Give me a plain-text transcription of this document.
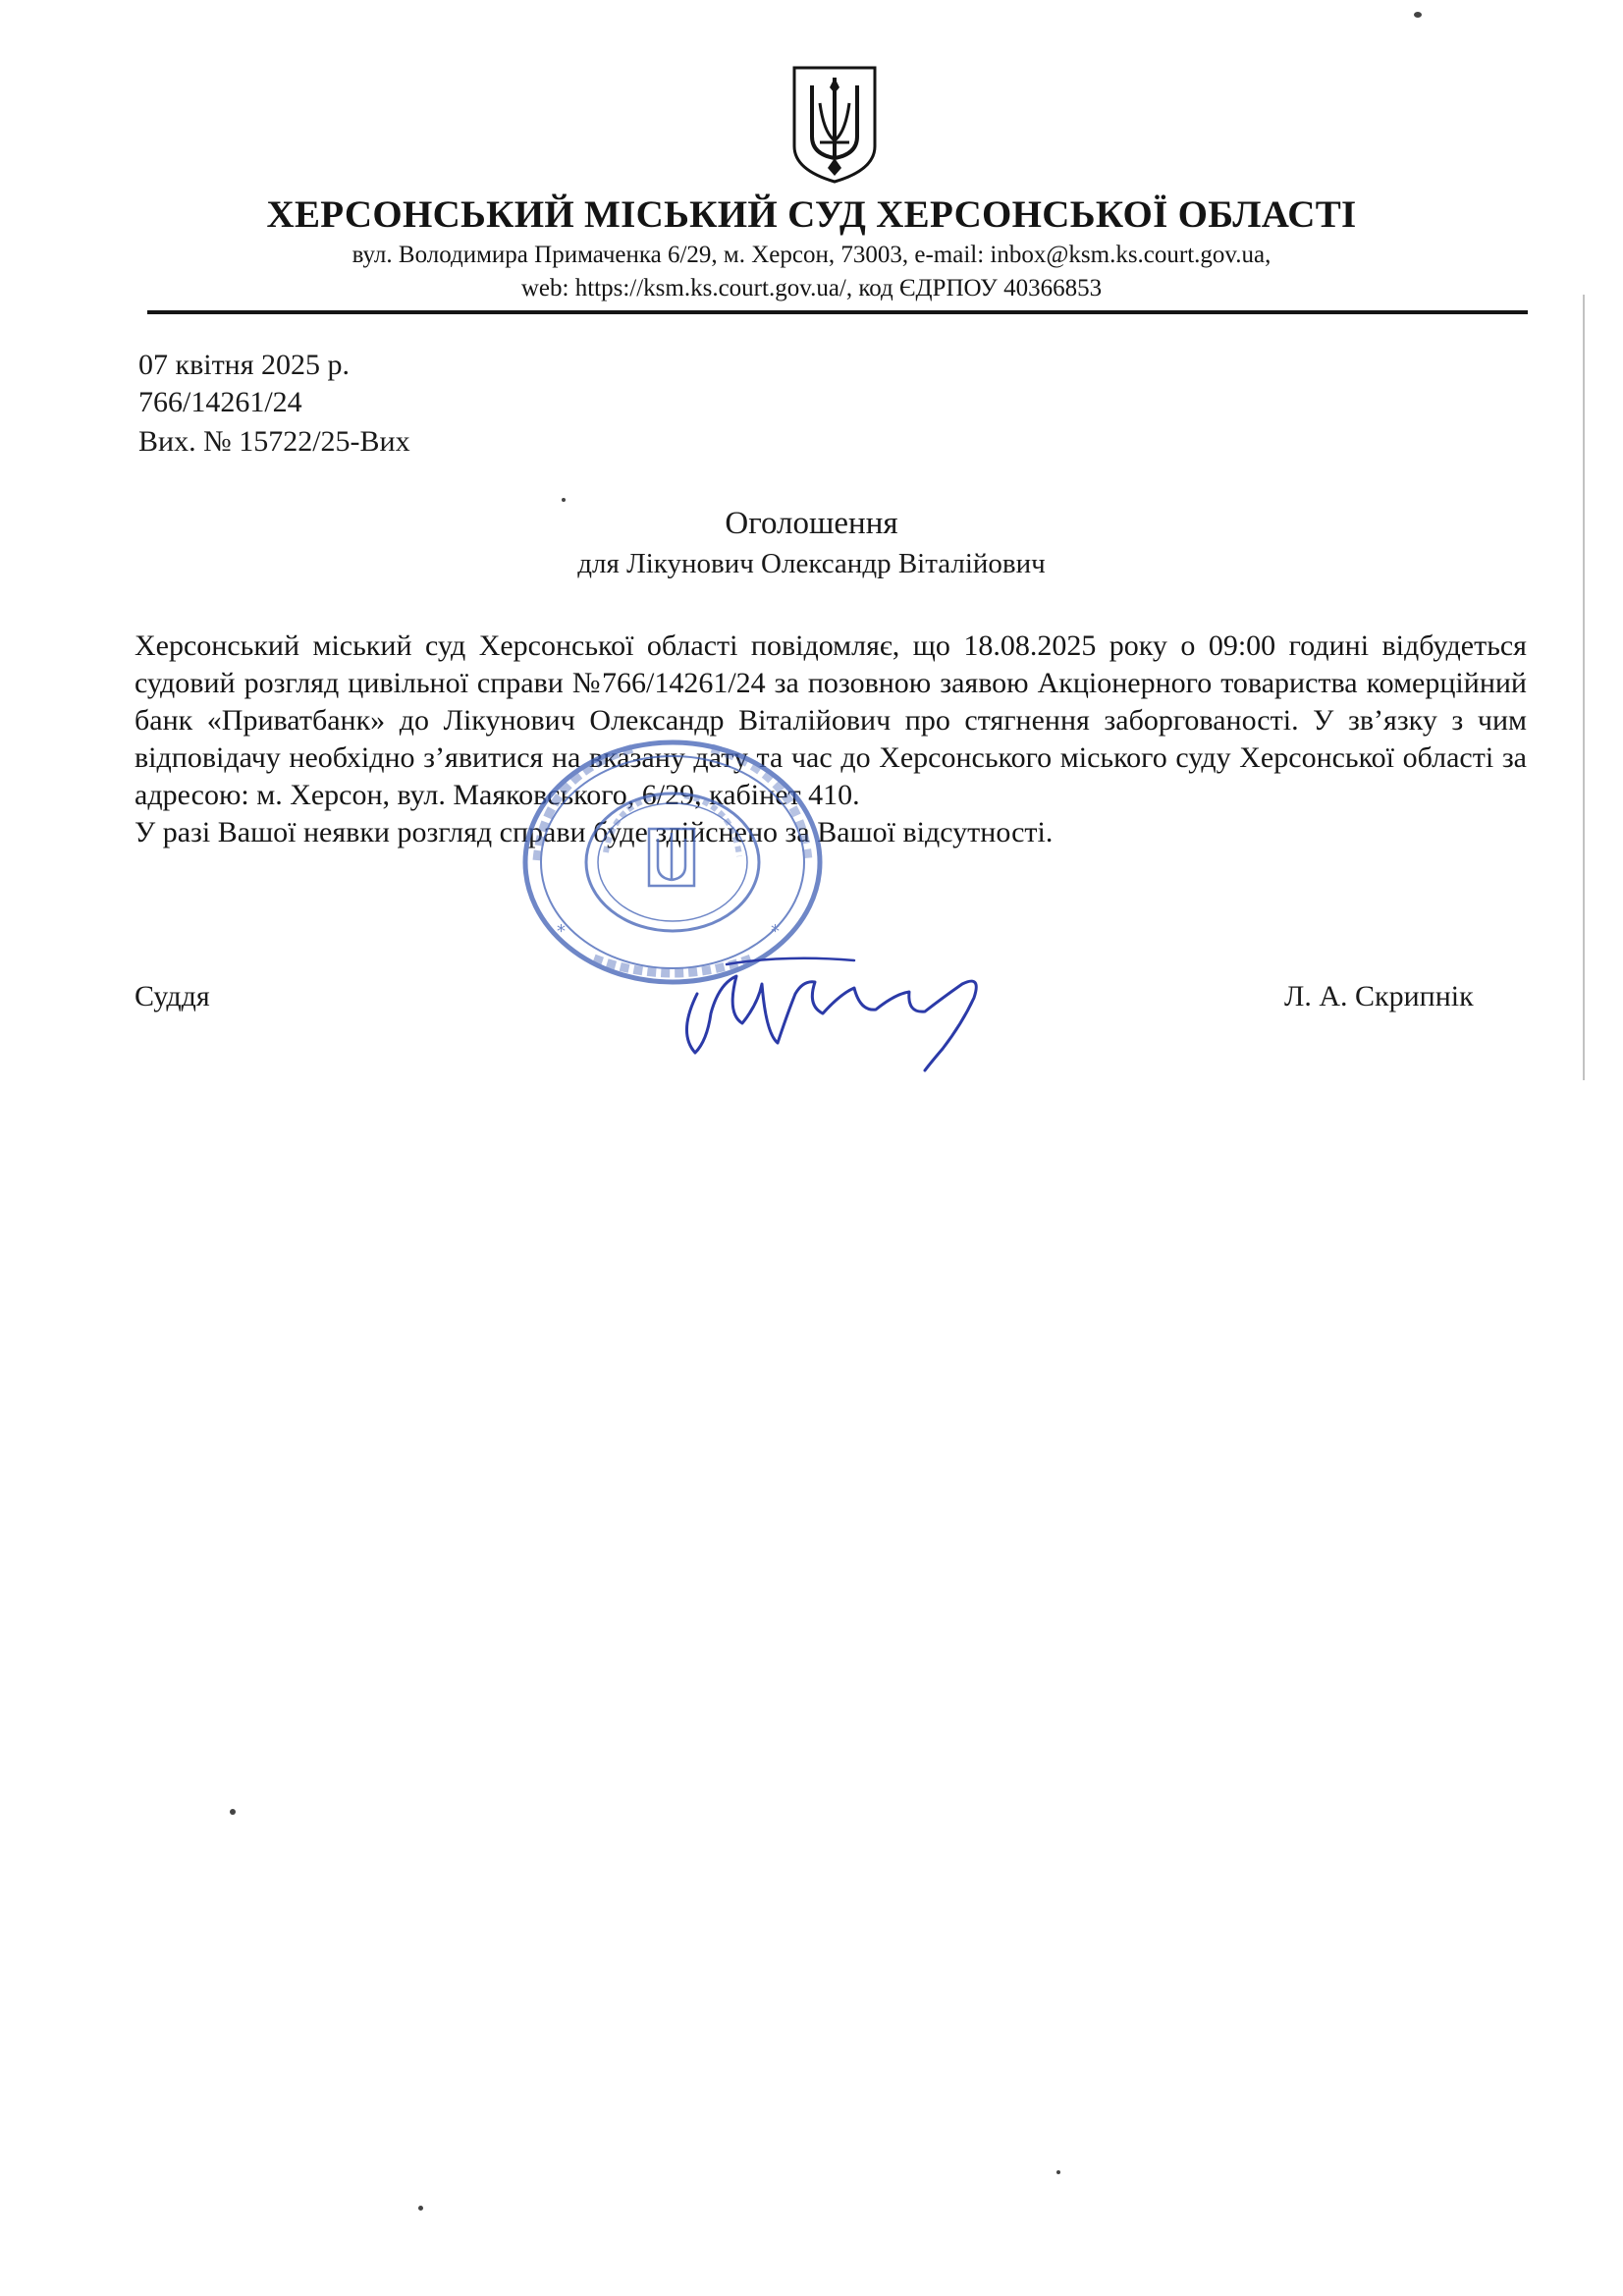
ХЕРСОНСЬКИЙ МІСЬКИЙ СУД ХЕРСОНСЬКОЇ ОБЛАСТІ
вул. Володимира Примаченка 6/29, м. Херсон, 73003, e-mail: inbox@ksm.ks.court.gov.ua,
web: https://ksm.ks.court.gov.ua/, код ЄДРПОУ 40366853
07 квітня 2025 р.
766/14261/24
Вих. № 15722/25-Вих
Оголошення
для Лікунович Олександр Віталійович

Херсонський міський суд Херсонської області повідомляє, що 18.08.2025 року о 09:00 годині відбудеться судовий розгляд цивільної справи №766/14261/24 за позовною заявою Акціонерного товариства комерційний банк «Приватбанк» до Лікунович Олександр Віталійович про стягнення заборгованості. У зв’язку з чим відповідачу необхідно з’явитися на вказану дату та час до Херсонського міського суду Херсонської області за адресою: м. Херсон, вул. Маяковського, 6/29, кабінет 410.

У разі Вашої неявки розгляд справи буде здійснено за Вашої відсутності.

*	*
Суддя	Л. А. Скрипнік
